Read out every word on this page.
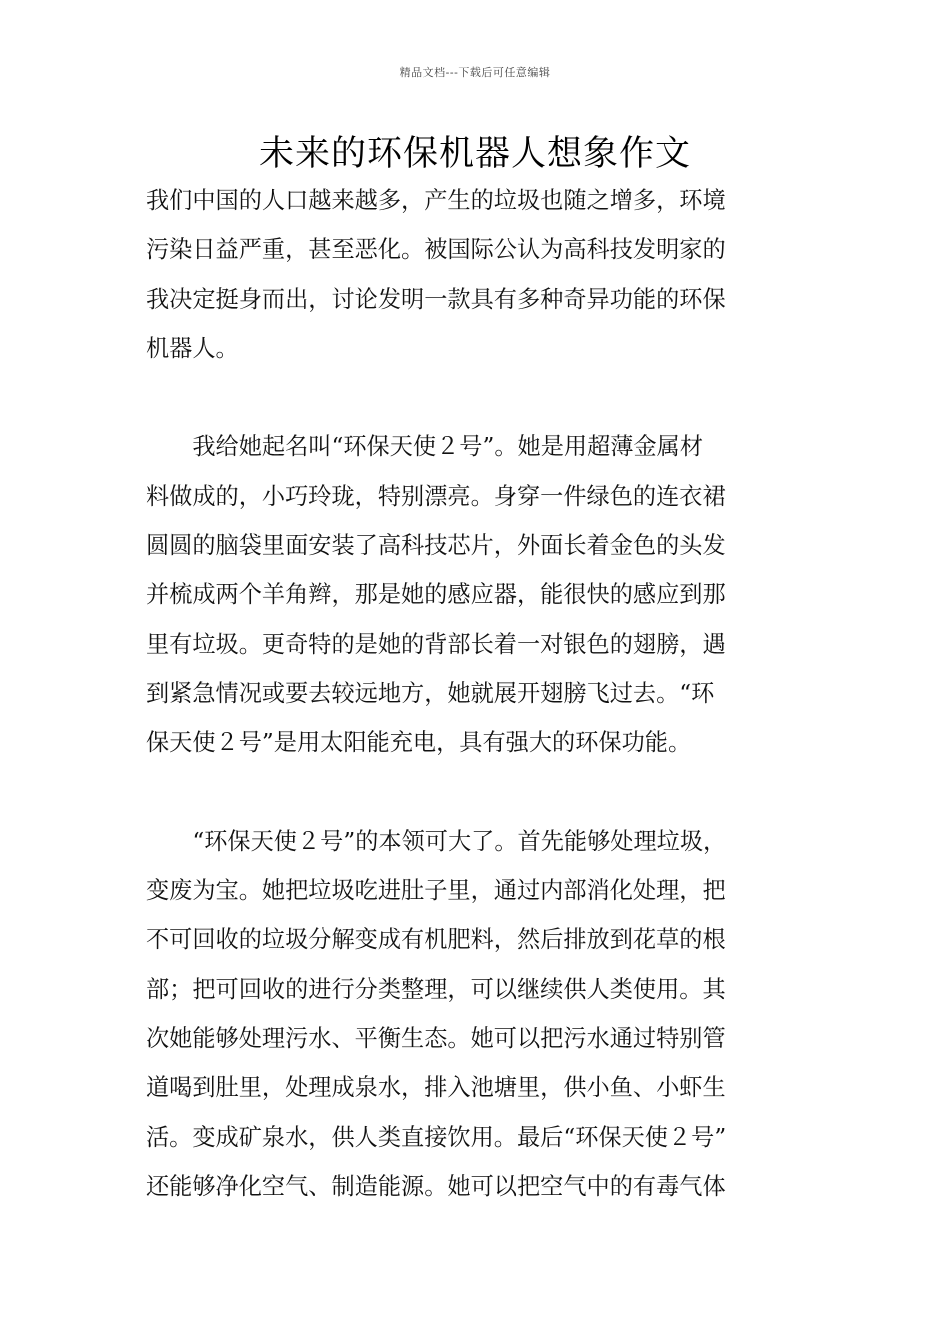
精品文档---下载后可任意编辑
未来的环保机器人想象作文
我们中国的人口越来越多，产生的垃圾也随之增多，环境
污染日益严重，甚至恶化。被国际公认为高科技发明家的
我决定挺身而出，讨论发明一款具有多种奇异功能的环保
机器人。
　　我给她起名叫“环保天使２号”。她是用超薄金属材
料做成的，小巧玲珑，特别漂亮。身穿一件绿色的连衣裙
圆圆的脑袋里面安装了高科技芯片，外面长着金色的头发
并梳成两个羊角辫，那是她的感应器，能很快的感应到那
里有垃圾。更奇特的是她的背部长着一对银色的翅膀，遇
到紧急情况或要去较远地方，她就展开翅膀飞过去。“环
保天使２号”是用太阳能充电，具有强大的环保功能。
　　“环保天使２号”的本领可大了。首先能够处理垃圾，
变废为宝。她把垃圾吃进肚子里，通过内部消化处理，把
不可回收的垃圾分解变成有机肥料，然后排放到花草的根
部；把可回收的进行分类整理，可以继续供人类使用。其
次她能够处理污水、平衡生态。她可以把污水通过特别管
道喝到肚里，处理成泉水，排入池塘里，供小鱼、小虾生
活。变成矿泉水，供人类直接饮用。最后“环保天使２号”
还能够净化空气、制造能源。她可以把空气中的有毒气体
